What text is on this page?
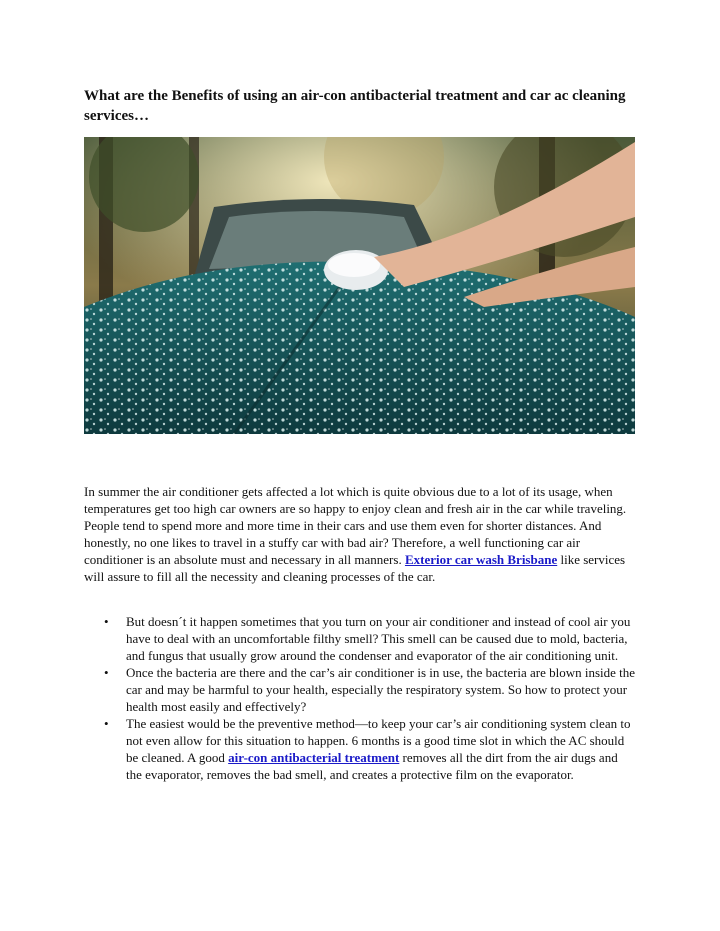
What are the Benefits of using an air-con antibacterial treatment and car ac cleaning services…

In summer the air conditioner gets affected a lot which is quite obvious due to a lot of its usage, when temperatures get too high car owners are so happy to enjoy clean and fresh air in the car while traveling. People tend to spend more and more time in their cars and use them even for shorter distances. And honestly, no one likes to travel in a stuffy car with bad air? Therefore, a well functioning car air conditioner is an absolute must and necessary in all manners. Exterior car wash Brisbane like services will assure to fill all the necessity and cleaning processes of the car.

• But doesn´t it happen sometimes that you turn on your air conditioner and instead of cool air you have to deal with an uncomfortable filthy smell? This smell can be caused due to mold, bacteria, and fungus that usually grow around the condenser and evaporator of the air conditioning unit.
• Once the bacteria are there and the car’s air conditioner is in use, the bacteria are blown inside the car and may be harmful to your health, especially the respiratory system. So how to protect your health most easily and effectively?
• The easiest would be the preventive method—to keep your car’s air conditioning system clean to not even allow for this situation to happen. 6 months is a good time slot in which the AC should be cleaned. A good air-con antibacterial treatment removes all the dirt from the air dugs and the evaporator, removes the bad smell, and creates a protective film on the evaporator.
